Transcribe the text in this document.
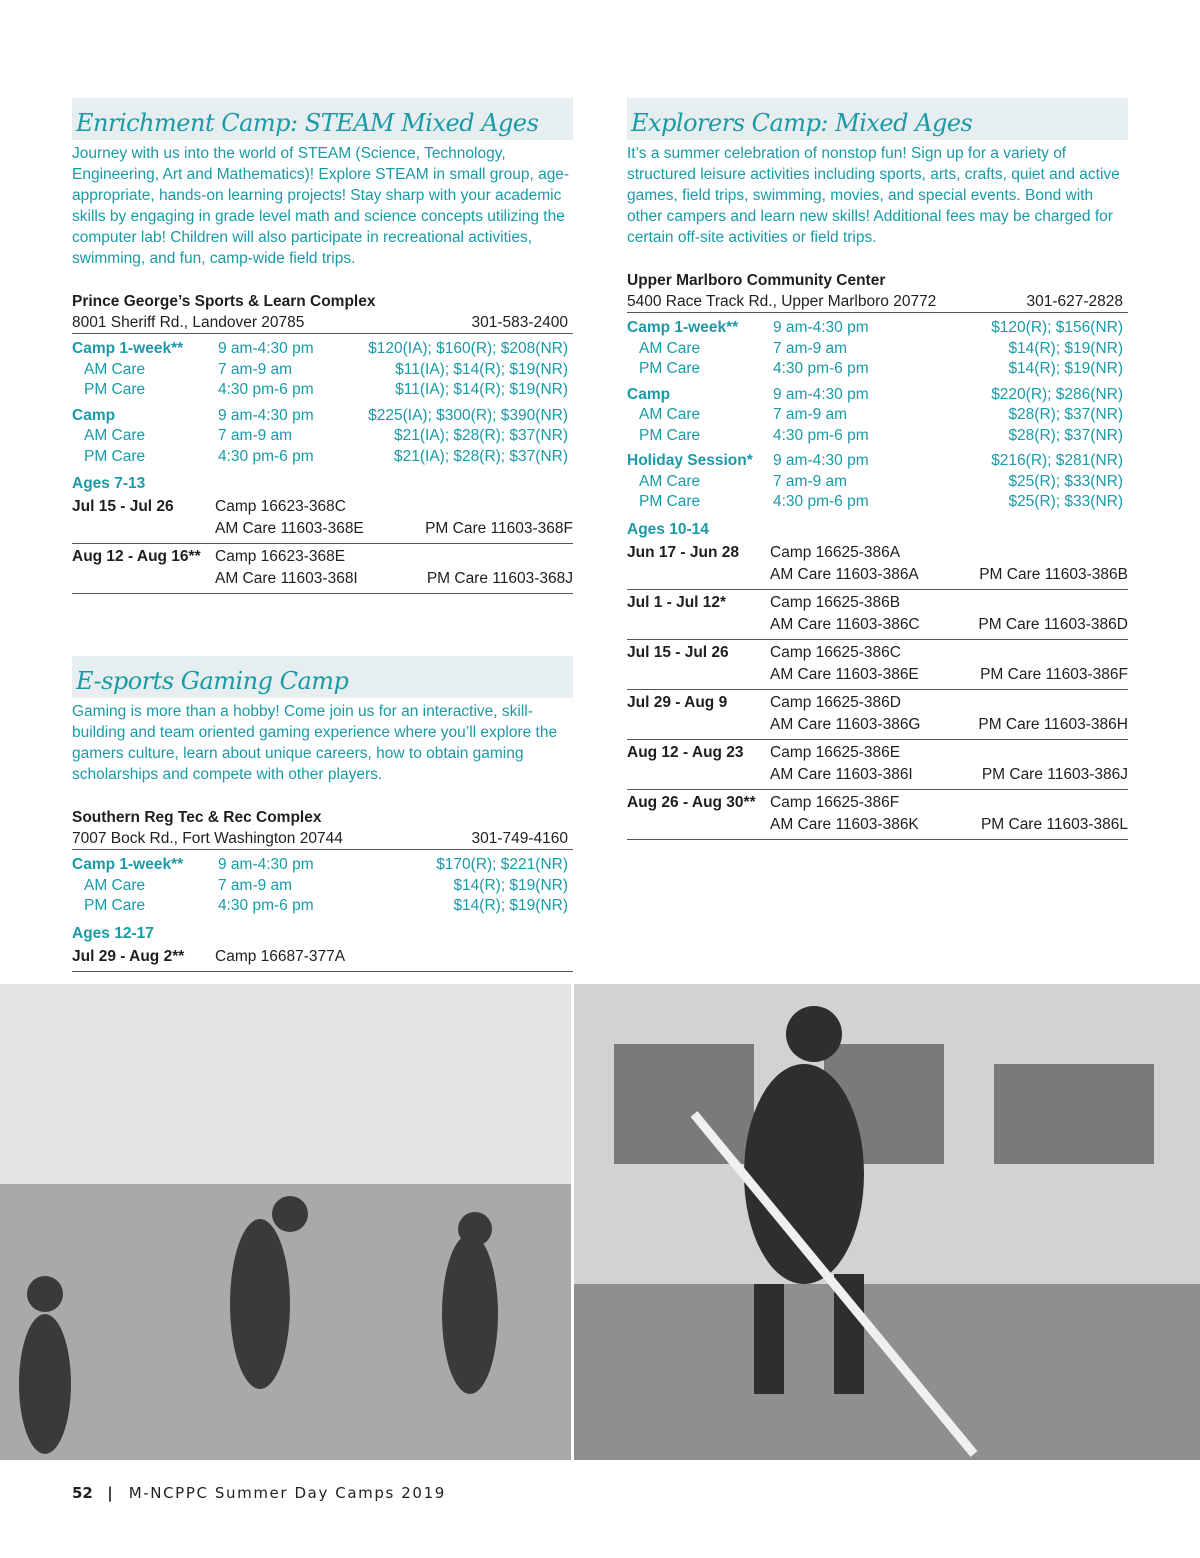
Enrichment Camp: STEAM Mixed Ages

Journey with us into the world of STEAM (Science, Technology, Engineering, Art and Mathematics)! Explore STEAM in small group, age-appropriate, hands-on learning projects! Stay sharp with your academic skills by engaging in grade level math and science concepts utilizing the computer lab! Children will also participate in recreational activities, swimming, and fun, camp-wide field trips.

Prince George’s Sports & Learn Complex
8001 Sheriff Rd., Landover 20785	301-583-2400
Camp 1-week**	9 am-4:30 pm	$120(IA); $160(R); $208(NR)
AM Care	7 am-9 am	$11(IA); $14(R); $19(NR)
PM Care	4:30 pm-6 pm	$11(IA); $14(R); $19(NR)
Camp	9 am-4:30 pm	$225(IA); $300(R); $390(NR)
AM Care	7 am-9 am	$21(IA); $28(R); $37(NR)
PM Care	4:30 pm-6 pm	$21(IA); $28(R); $37(NR)
Ages 7-13
Jul 15 - Jul 26	Camp 16623-368C
AM Care 11603-368E	PM Care 11603-368F
Aug 12 - Aug 16** Camp 16623-368E
AM Care 11603-368I	PM Care 11603-368J
E-sports Gaming Camp

Gaming is more than a hobby! Come join us for an interactive, skill-building and team oriented gaming experience where you’ll explore the gamers culture, learn about unique careers, how to obtain gaming scholarships and compete with other players.

Southern Reg Tec & Rec Complex
7007 Bock Rd., Fort Washington 20744	301-749-4160
Camp 1-week**	9 am-4:30 pm	$170(R); $221(NR)
AM Care	7 am-9 am	$14(R); $19(NR)
PM Care	4:30 pm-6 pm	$14(R); $19(NR)
Ages 12-17
Jul 29 - Aug 2**	Camp 16687-377A
Explorers Camp: Mixed Ages

It’s a summer celebration of nonstop fun! Sign up for a variety of structured leisure activities including sports, arts, crafts, quiet and active games, field trips, swimming, movies, and special events. Bond with other campers and learn new skills! Additional fees may be charged for certain off-site activities or field trips.

Upper Marlboro Community Center
5400 Race Track Rd., Upper Marlboro 20772	301-627-2828
Camp 1-week**	9 am-4:30 pm	$120(R); $156(NR)
AM Care	7 am-9 am	$14(R); $19(NR)
PM Care	4:30 pm-6 pm	$14(R); $19(NR)
Camp	9 am-4:30 pm	$220(R); $286(NR)
AM Care	7 am-9 am	$28(R); $37(NR)
PM Care	4:30 pm-6 pm	$28(R); $37(NR)
Holiday Session*	9 am-4:30 pm	$216(R); $281(NR)
AM Care	7 am-9 am	$25(R); $33(NR)
PM Care	4:30 pm-6 pm	$25(R); $33(NR)
Ages 10-14
Jun 17 - Jun 28	Camp 16625-386A
AM Care 11603-386A	PM Care 11603-386B
Jul 1 - Jul 12*	Camp 16625-386B
AM Care 11603-386C	PM Care 11603-386D
Jul 15 - Jul 26	Camp 16625-386C
AM Care 11603-386E	PM Care 11603-386F
Jul 29 - Aug 9	Camp 16625-386D
AM Care 11603-386G	PM Care 11603-386H
Aug 12 - Aug 23	Camp 16625-386E
AM Care 11603-386I	PM Care 11603-386J
Aug 26 - Aug 30** Camp 16625-386F
AM Care 11603-386K	PM Care 11603-386L
52 | M-NCPPC Summer Day Camps 2019
